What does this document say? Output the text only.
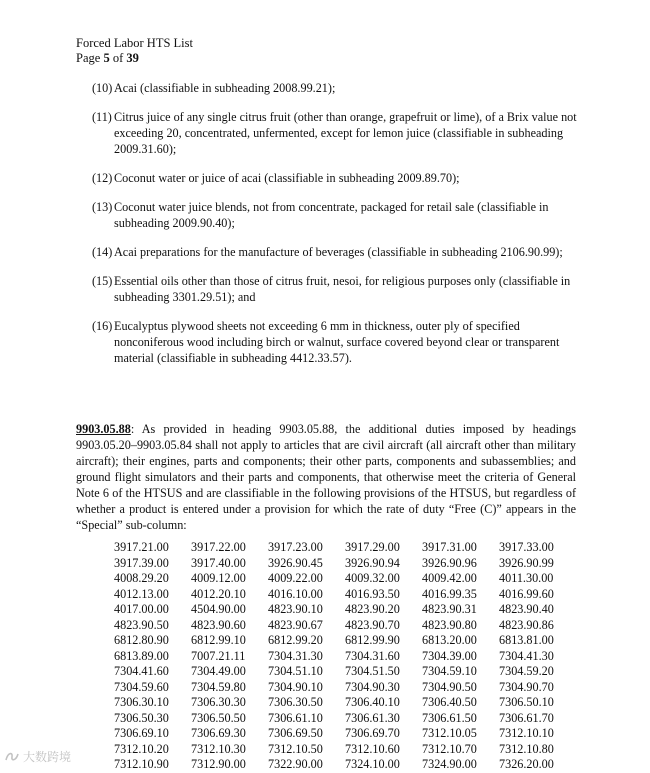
Forced Labor HTS List
Page 5 of 39
(10) Acai (classifiable in subheading 2008.99.21);
(11) Citrus juice of any single citrus fruit (other than orange, grapefruit or lime), of a Brix value not exceeding 20, concentrated, unfermented, except for lemon juice (classifiable in subheading 2009.31.60);
(12) Coconut water or juice of acai (classifiable in subheading 2009.89.70);
(13) Coconut water juice blends, not from concentrate, packaged for retail sale (classifiable in subheading 2009.90.40);
(14) Acai preparations for the manufacture of beverages (classifiable in subheading 2106.90.99);
(15) Essential oils other than those of citrus fruit, nesoi, for religious purposes only (classifiable in subheading 3301.29.51); and
(16) Eucalyptus plywood sheets not exceeding 6 mm in thickness, outer ply of specified nonconiferous wood including birch or walnut, surface covered beyond clear or transparent material (classifiable in subheading 4412.33.57).
9903.05.88: As provided in heading 9903.05.88, the additional duties imposed by headings 9903.05.20–9903.05.84 shall not apply to articles that are civil aircraft (all aircraft other than military aircraft); their engines, parts and components; their other parts, components and subassemblies; and ground flight simulators and their parts and components, that otherwise meet the criteria of General Note 6 of the HTSUS and are classifiable in the following provisions of the HTSUS, but regardless of whether a product is entered under a provision for which the rate of duty “Free (C)” appears in the “Special” sub-column:
3917.21.00	3917.22.00	3917.23.00	3917.29.00	3917.31.00	3917.33.00
3917.39.00	3917.40.00	3926.90.45	3926.90.94	3926.90.96	3926.90.99
4008.29.20	4009.12.00	4009.22.00	4009.32.00	4009.42.00	4011.30.00
4012.13.00	4012.20.10	4016.10.00	4016.93.50	4016.99.35	4016.99.60
4017.00.00	4504.90.00	4823.90.10	4823.90.20	4823.90.31	4823.90.40
4823.90.50	4823.90.60	4823.90.67	4823.90.70	4823.90.80	4823.90.86
6812.80.90	6812.99.10	6812.99.20	6812.99.90	6813.20.00	6813.81.00
6813.89.00	7007.21.11	7304.31.30	7304.31.60	7304.39.00	7304.41.30
7304.41.60	7304.49.00	7304.51.10	7304.51.50	7304.59.10	7304.59.20
7304.59.60	7304.59.80	7304.90.10	7304.90.30	7304.90.50	7304.90.70
7306.30.10	7306.30.30	7306.30.50	7306.40.10	7306.40.50	7306.50.10
7306.50.30	7306.50.50	7306.61.10	7306.61.30	7306.61.50	7306.61.70
7306.69.10	7306.69.30	7306.69.50	7306.69.70	7312.10.05	7312.10.10
7312.10.20	7312.10.30	7312.10.50	7312.10.60	7312.10.70	7312.10.80
7312.10.90	7312.90.00	7322.90.00	7324.10.00	7324.90.00	7326.20.00
大数跨境
